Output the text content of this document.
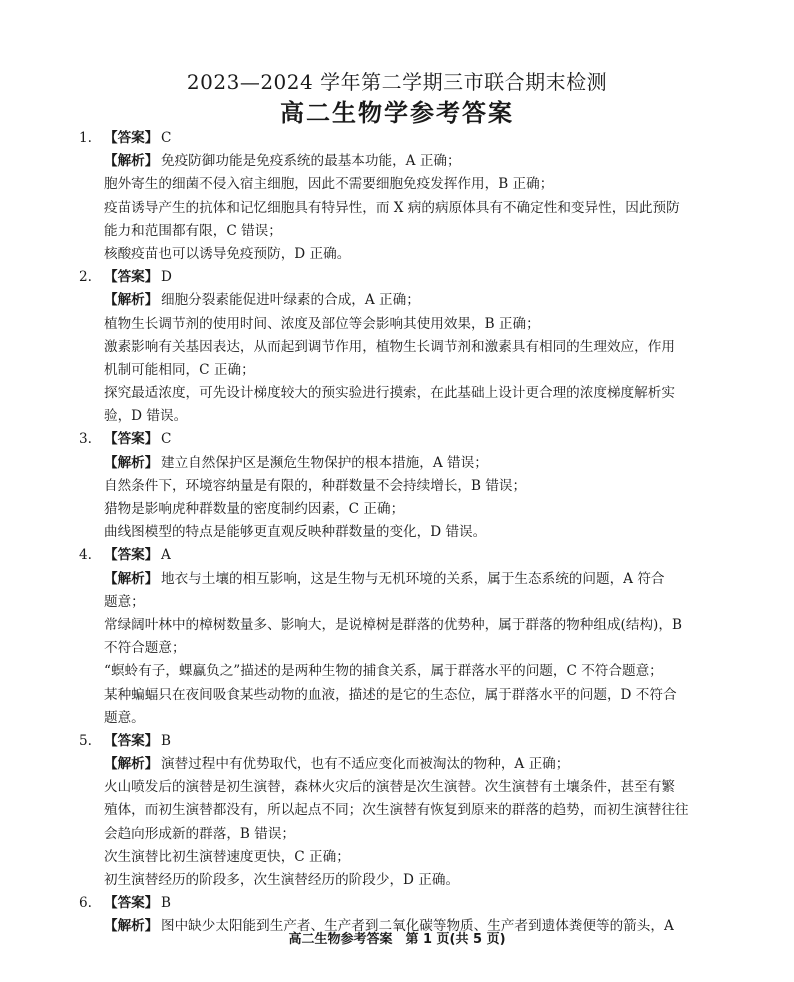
2023—2024 学年第二学期三市联合期末检测
高二生物学参考答案
1. 【答案】 C
【解析】 免疫防御功能是免疫系统的最基本功能，A 正确；
胞外寄生的细菌不侵入宿主细胞，因此不需要细胞免疫发挥作用，B 正确；
疫苗诱导产生的抗体和记忆细胞具有特异性，而 X 病的病原体具有不确定性和变异性，因此预防
能力和范围都有限，C 错误；
核酸疫苗也可以诱导免疫预防，D 正确。
2. 【答案】 D
【解析】 细胞分裂素能促进叶绿素的合成，A 正确；
植物生长调节剂的使用时间、浓度及部位等会影响其使用效果，B 正确；
激素影响有关基因表达，从而起到调节作用，植物生长调节剂和激素具有相同的生理效应，作用
机制可能相同，C 正确；
探究最适浓度，可先设计梯度较大的预实验进行摸索，在此基础上设计更合理的浓度梯度解析实
验，D 错误。
3. 【答案】 C
【解析】 建立自然保护区是濒危生物保护的根本措施，A 错误；
自然条件下，环境容纳量是有限的，种群数量不会持续增长，B 错误；
猎物是影响虎种群数量的密度制约因素，C 正确；
曲线图模型的特点是能够更直观反映种群数量的变化，D 错误。
4. 【答案】 A
【解析】 地衣与土壤的相互影响，这是生物与无机环境的关系，属于生态系统的问题，A 符合
题意；
常绿阔叶林中的樟树数量多、影响大，是说樟树是群落的优势种，属于群落的物种组成(结构)，B
不符合题意；
“螟蛉有子，蜾蠃负之”描述的是两种生物的捕食关系，属于群落水平的问题，C 不符合题意；
某种蝙蝠只在夜间吸食某些动物的血液，描述的是它的生态位，属于群落水平的问题，D 不符合
题意。
5. 【答案】 B
【解析】 演替过程中有优势取代，也有不适应变化而被淘汰的物种，A 正确；
火山喷发后的演替是初生演替，森林火灾后的演替是次生演替。次生演替有土壤条件，甚至有繁
殖体，而初生演替都没有，所以起点不同；次生演替有恢复到原来的群落的趋势，而初生演替往往
会趋向形成新的群落，B 错误；
次生演替比初生演替速度更快，C 正确；
初生演替经历的阶段多，次生演替经历的阶段少，D 正确。
6. 【答案】 B
【解析】 图中缺少太阳能到生产者、生产者到二氧化碳等物质、生产者到遗体粪便等的箭头，A
高二生物参考答案　第 1 页(共 5 页)
